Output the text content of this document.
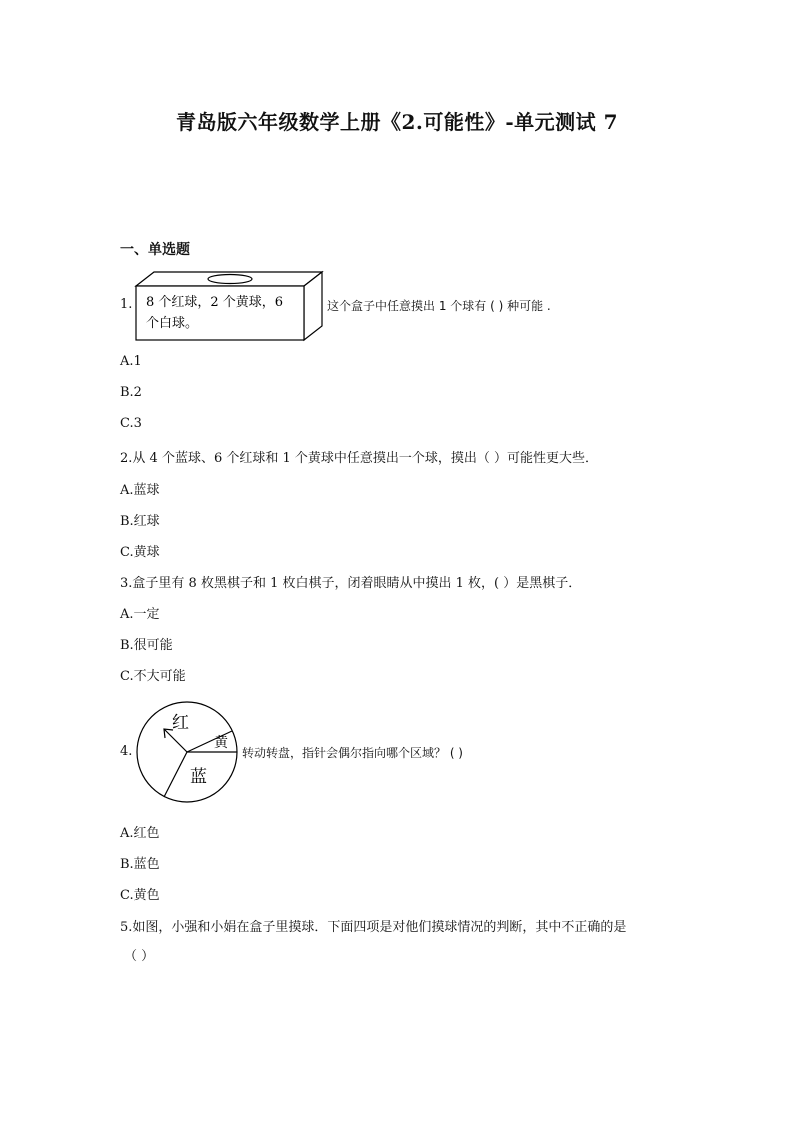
青岛版六年级数学上册《2.可能性》-单元测试 7
一、单选题
1. 8 个红球，2 个黄球，6
个白球。
这个盒子中任意摸出 1 个球有 ( ) 种可能 .
A.1
B.2
C.3
2.从 4 个蓝球、6 个红球和 1 个黄球中任意摸出一个球，摸出（ ）可能性更大些．
A.蓝球
B.红球
C.黄球
3.盒子里有 8 枚黑棋子和 1 枚白棋子，闭着眼睛从中摸出 1 枚，( ）是黑棋子．
A.一定
B.很可能
C.不大可能
4.
红
黄
蓝
转动转盘，指针会偶尔指向哪个区域？ ( )
A.红色
B.蓝色
C.黄色
5.如图，小强和小娟在盒子里摸球．下面四项是对他们摸球情况的判断，其中不正确的是
（ ）
